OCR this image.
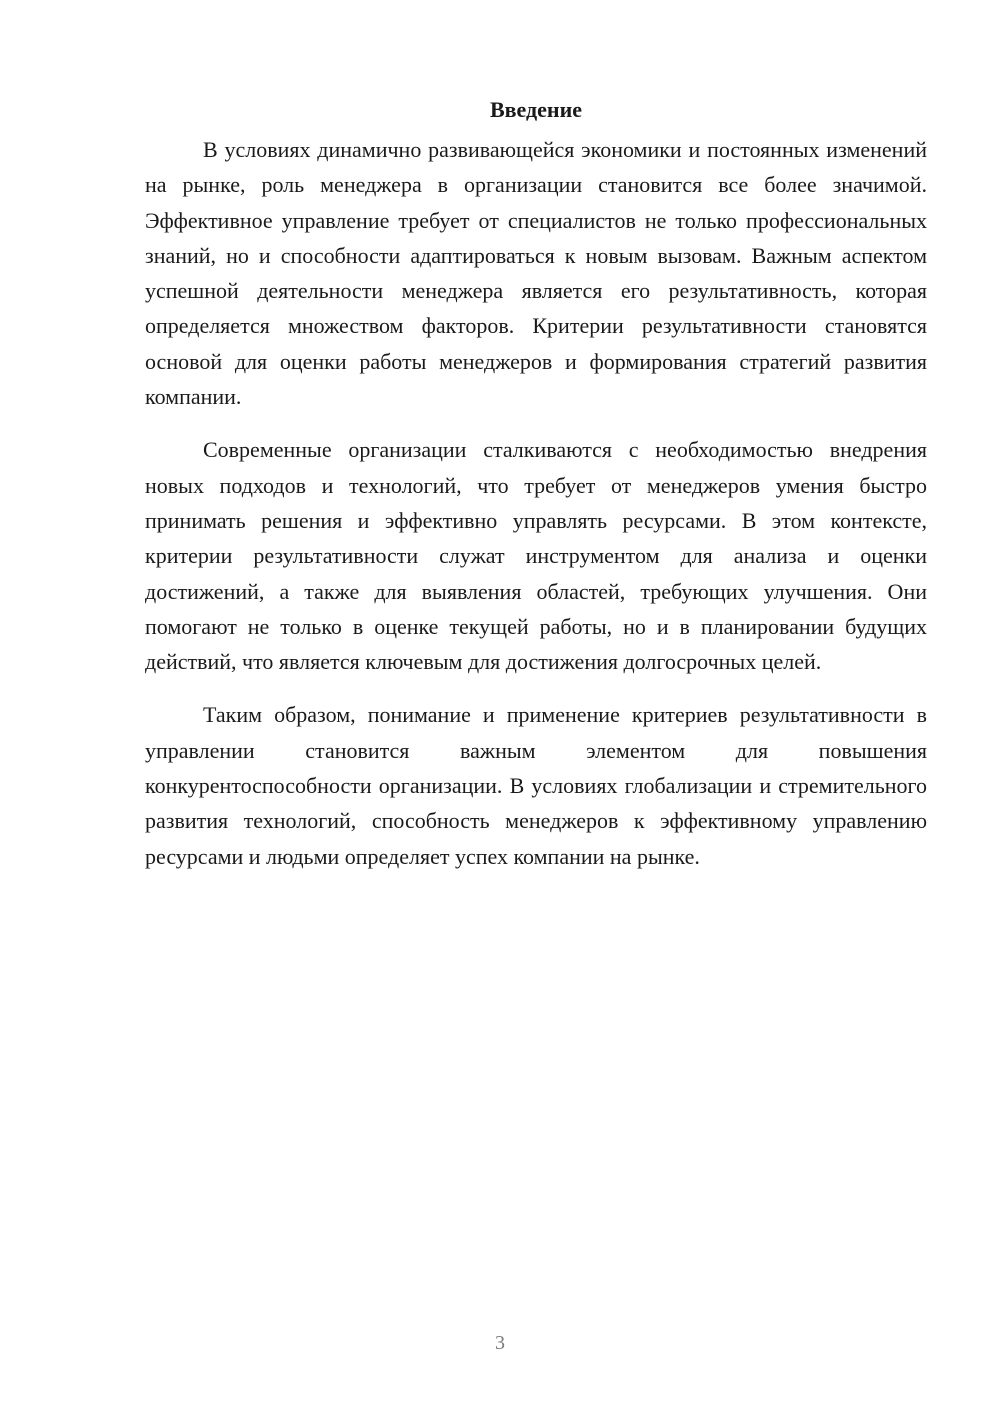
Введение

В условиях динамично развивающейся экономики и постоянных изменений на рынке, роль менеджера в организации становится все более значимой. Эффективное управление требует от специалистов не только профессиональных знаний, но и способности адаптироваться к новым вызовам. Важным аспектом успешной деятельности менеджера является его результативность, которая определяется множеством факторов. Критерии результативности становятся основой для оценки работы менеджеров и формирования стратегий развития компании.

Современные организации сталкиваются с необходимостью внедрения новых подходов и технологий, что требует от менеджеров умения быстро принимать решения и эффективно управлять ресурсами. В этом контексте, критерии результативности служат инструментом для анализа и оценки достижений, а также для выявления областей, требующих улучшения. Они помогают не только в оценке текущей работы, но и в планировании будущих действий, что является ключевым для достижения долгосрочных целей.

Таким образом, понимание и применение критериев результативности в управлении становится важным элементом для повышения конкурентоспособности организации. В условиях глобализации и стремительного развития технологий, способность менеджеров к эффективному управлению ресурсами и людьми определяет успех компании на рынке.

3
